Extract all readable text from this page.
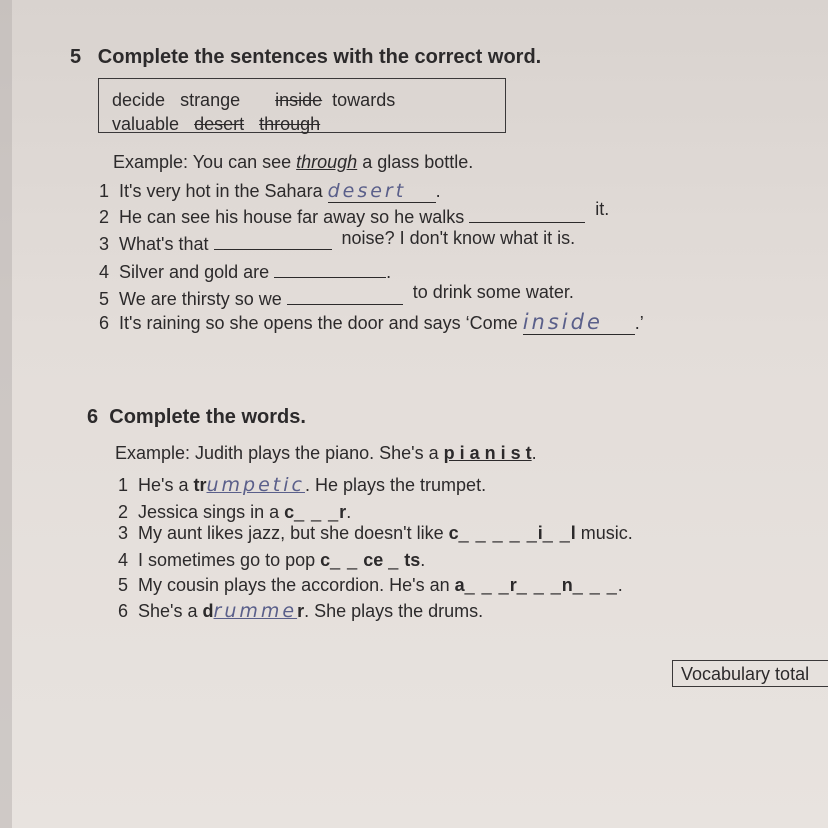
5 Complete the sentences with the correct word.
decide strange inside towards
valuable desert through
Example: You can see through a glass bottle.
1 It's very hot in the Sahara desert .
2 He can see his house far away so he walks	it.
3 What's that	noise? I don't know what it is.
4 Silver and gold are	.
5 We are thirsty so we	to drink some water.
6 It's raining so she opens the door and says ‘Come inside .’
6 Complete the words.
Example: Judith plays the piano. She's a p i a n i s t.
1 He's a trumpetic. He plays the trumpet.
2 Jessica sings in a c_ _ _r.
3 My aunt likes jazz, but she doesn't like c_ _ _ _ _i_ _l music.
4 I sometimes go to pop c_ _ ce _ ts.
5 My cousin plays the accordion. He's an a_ _ _r_ _ _n_ _ _.
6 She's a drummer. She plays the drums.
Vocabulary total
